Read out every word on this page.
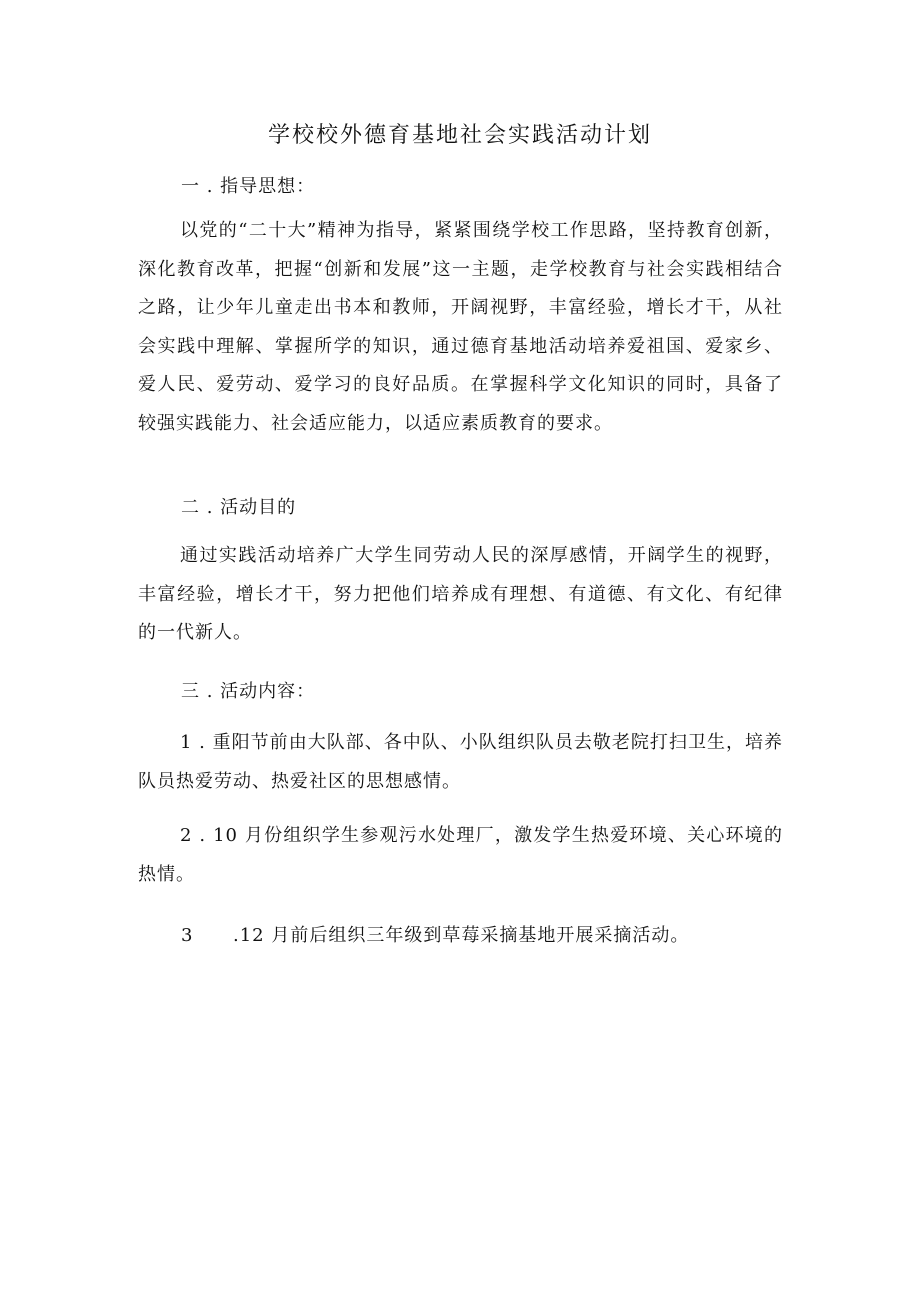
学校校外德育基地社会实践活动计划

一 . 指导思想：

以党的“二十大”精神为指导，紧紧围绕学校工作思路，坚持教育创新，深化教育改革，把握“创新和发展”这一主题，走学校教育与社会实践相结合之路，让少年儿童走出书本和教师，开阔视野，丰富经验，增长才干，从社会实践中理解、掌握所学的知识，通过德育基地活动培养爱祖国、爱家乡、爱人民、爱劳动、爱学习的良好品质。在掌握科学文化知识的同时，具备了较强实践能力、社会适应能力，以适应素质教育的要求。

二 . 活动目的

通过实践活动培养广大学生同劳动人民的深厚感情，开阔学生的视野，丰富经验，增长才干，努力把他们培养成有理想、有道德、有文化、有纪律的一代新人。

三 . 活动内容：

1 . 重阳节前由大队部、各中队、小队组织队员去敬老院打扫卫生，培养队员热爱劳动、热爱社区的思想感情。

2 . 10 月份组织学生参观污水处理厂，激发学生热爱环境、关心环境的热情。

3 .12 月前后组织三年级到草莓采摘基地开展采摘活动。
